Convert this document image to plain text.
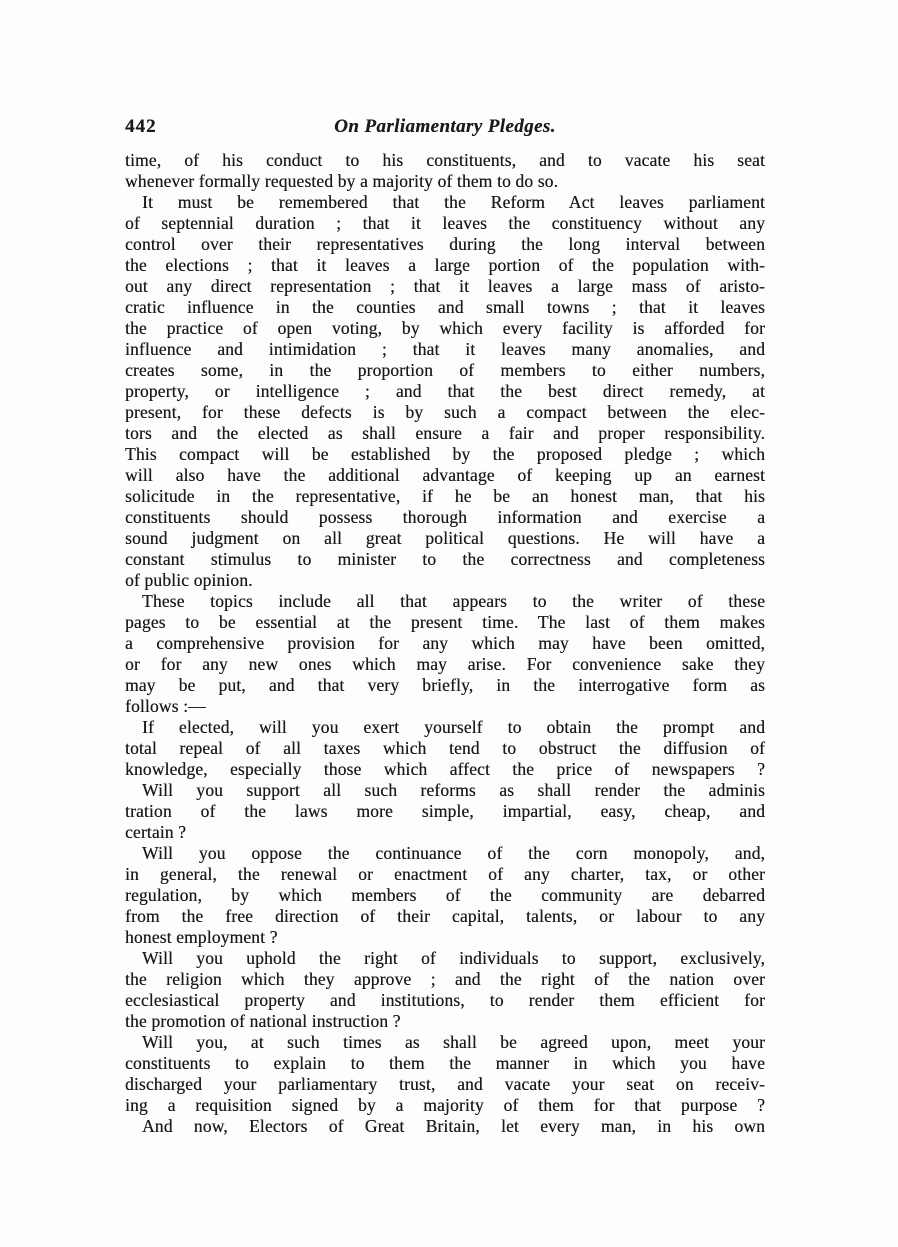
442	On Parliamentary Pledges.
time, of his conduct to his constituents, and to vacate his seat
whenever formally requested by a majority of them to do so.
It must be remembered that the Reform Act leaves parliament
of septennial duration ; that it leaves the constituency without any
control over their representatives during the long interval between
the elections ; that it leaves a large portion of the population with-
out any direct representation ; that it leaves a large mass of aristo-
cratic influence in the counties and small towns ; that it leaves
the practice of open voting, by which every facility is afforded for
influence and intimidation ; that it leaves many anomalies, and
creates some, in the proportion of members to either numbers,
property, or intelligence ; and that the best direct remedy, at
present, for these defects is by such a compact between the elec-
tors and the elected as shall ensure a fair and proper responsibility.
This compact will be established by the proposed pledge ; which
will also have the additional advantage of keeping up an earnest
solicitude in the representative, if he be an honest man, that his
constituents should possess thorough information and exercise a
sound judgment on all great political questions. He will have a
constant stimulus to minister to the correctness and completeness
of public opinion.
These topics include all that appears to the writer of these
pages to be essential at the present time. The last of them makes
a comprehensive provision for any which may have been omitted,
or for any new ones which may arise. For convenience sake they
may be put, and that very briefly, in the interrogative form as
follows :—
If elected, will you exert yourself to obtain the prompt and
total repeal of all taxes which tend to obstruct the diffusion of
knowledge, especially those which affect the price of newspapers ?
Will you support all such reforms as shall render the adminis
tration of the laws more simple, impartial, easy, cheap, and
certain ?
Will you oppose the continuance of the corn monopoly, and,
in general, the renewal or enactment of any charter, tax, or other
regulation, by which members of the community are debarred
from the free direction of their capital, talents, or labour to any
honest employment ?
Will you uphold the right of individuals to support, exclusively,
the religion which they approve ; and the right of the nation over
ecclesiastical property and institutions, to render them efficient for
the promotion of national instruction ?
Will you, at such times as shall be agreed upon, meet your
constituents to explain to them the manner in which you have
discharged your parliamentary trust, and vacate your seat on receiv-
ing a requisition signed by a majority of them for that purpose ?
And now, Electors of Great Britain, let every man, in his own
